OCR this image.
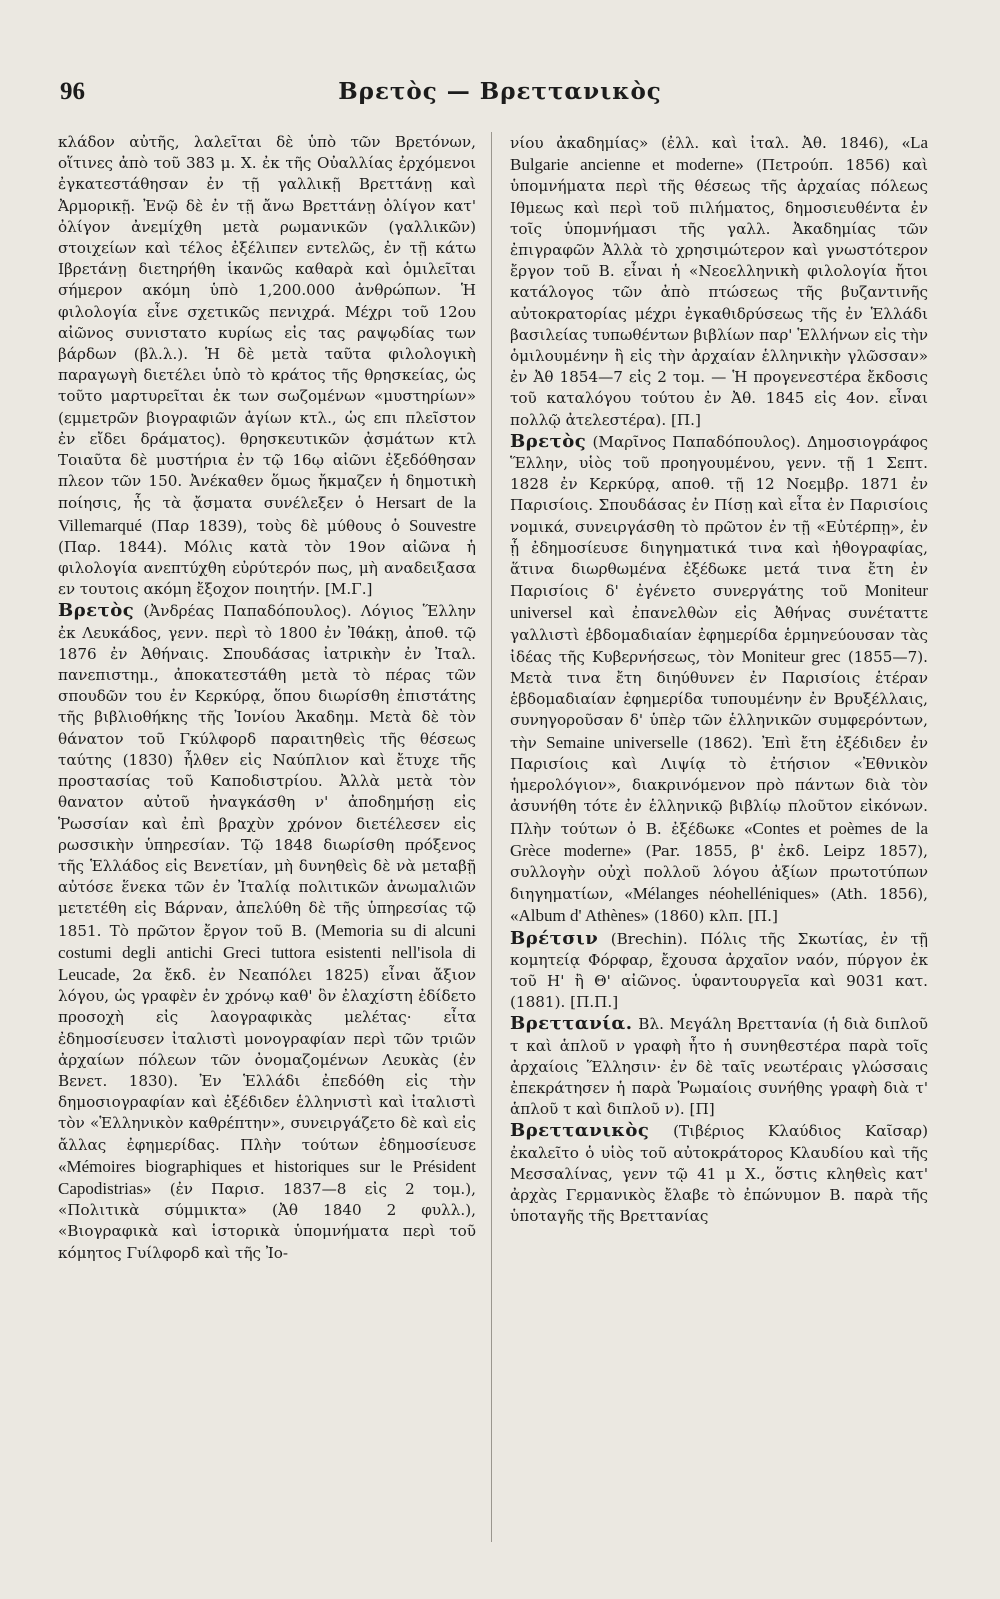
96	Βρετὸς — Βρεττανικὸς

κλάδον αὐτῆς, λαλεῖται δὲ ὑπὸ τῶν Βρετόνων, οἵτινες ἀπὸ τοῦ 383 μ. Χ. ἐκ τῆς Οὐαλλίας ἐρχόμενοι ἐγκατεστάθησαν ἐν τῇ γαλλικῇ Βρεττάνῃ καὶ Ἀρμορικῇ. Ἐνῷ δὲ ἐν τῇ ἄνω Βρεττάνῃ ὀλίγον κατ' ὀλίγον ἀνεμίχθη μετὰ ρωμανικῶν (γαλλικῶν) στοιχείων καὶ τέλος ἐξέλιπεν εντελῶς, ἐν τῇ κάτω Ιβρετάνῃ διετηρήθη ἱκανῶς καθαρὰ καὶ ὁμιλεῖται σήμερον ακόμη ὑπὸ 1,200.000 ἀνθρώπων. Ἡ φιλολογία εἶνε σχετικῶς πενιχρά. Μέχρι τοῦ 12ου αἰῶνος συνιστατο κυρίως εἰς τας ραψῳδίας των βάρδων (βλ.λ.). Ἡ δὲ μετὰ ταῦτα φιλολογικὴ παραγωγὴ διετέλει ὑπὸ τὸ κράτος τῆς θρησκείας, ὡς τοῦτο μαρτυρεῖται ἐκ των σωζομένων «μυστηρίων» (εμμετρῶν βιογραφιῶν ἁγίων κτλ., ὡς επι πλεῖστον ἐν εἴδει δράματος). θρησκευτικῶν ᾀσμάτων κτλ Τοιαῦτα δὲ μυστήρια ἐν τῷ 16ῳ αἰῶνι ἐξεδόθησαν πλεον τῶν 150. Ἀνέκαθεν ὅμως ἤκμαζεν ἡ δημοτικὴ ποίησις, ἧς τὰ ᾄσματα συνέλεξεν ὁ Hersart de la Villemarqué (Παρ 1839), τοὺς δὲ μύθους ὁ Souvestre (Παρ. 1844). Μόλις κατὰ τὸν 19ον αἰῶνα ἡ φιλολογία ανεπτύχθη εὐρύτερόν πως, μὴ αναδειξασα εν τουτοις ακόμη ἔξοχον ποιητήν. [Μ.Γ.]

Βρετὸς (Ἀνδρέας Παπαδόπουλος). Λόγιος Ἕλλην ἐκ Λευκάδος, γενν. περὶ τὸ 1800 ἐν Ἰθάκῃ, ἀποθ. τῷ 1876 ἐν Ἀθήναις. Σπουδάσας ἰατρικὴν ἐν Ἰταλ. πανεπιστημ., ἀποκατεστάθη μετὰ τὸ πέρας τῶν σπουδῶν του ἐν Κερκύρᾳ, ὅπου διωρίσθη ἐπιστάτης τῆς βιβλιοθήκης τῆς Ἰονίου Ἀκαδημ. Μετὰ δὲ τὸν θάνατον τοῦ Γκύλφορδ παραιτηθεὶς τῆς θέσεως ταύτης (1830) ἦλθεν εἰς Ναύπλιον καὶ ἔτυχε τῆς προστασίας τοῦ Καποδιστρίου. Ἀλλὰ μετὰ τὸν θανατον αὐτοῦ ἠναγκάσθη ν' ἀποδημήσῃ εἰς Ῥωσσίαν καὶ ἐπὶ βραχὺν χρόνον διετέλεσεν εἰς ρωσσικὴν ὑπηρεσίαν. Τῷ 1848 διωρίσθη πρόξενος τῆς Ἑλλάδος εἰς Βενετίαν, μὴ δυνηθεὶς δὲ νὰ μεταβῇ αὐτόσε ἕνεκα τῶν ἐν Ἰταλίᾳ πολιτικῶν ἀνωμαλιῶν μετετέθη εἰς Βάρναν, ἀπελύθη δὲ τῆς ὑπηρεσίας τῷ 1851. Τὸ πρῶτον ἔργον τοῦ Β. (Memoria su di alcuni costumi degli antichi Greci tuttora esistenti nell'isola di Leucade, 2α ἔκδ. ἐν Νεαπόλει 1825) εἶναι ἄξιον λόγου, ὡς γραφὲν ἐν χρόνῳ καθ' ὃν ἐλαχίστη ἐδίδετο προσοχὴ εἰς λαογραφικὰς μελέτας· εἶτα ἐδημοσίευσεν ἰταλιστὶ μονογραφίαν περὶ τῶν τριῶν ἀρχαίων πόλεων τῶν ὀνομαζομένων Λευκὰς (ἐν Βενετ. 1830). Ἐν Ἑλλάδι ἐπεδόθη εἰς τὴν δημοσιογραφίαν καὶ ἐξέδιδεν ἑλληνιστὶ καὶ ἰταλιστὶ τὸν «Ἑλληνικὸν καθρέπτην», συνειργάζετο δὲ καὶ εἰς ἄλλας ἐφημερίδας. Πλὴν τούτων ἐδημοσίευσε «Mémoires biographiques et historiques sur le Président Capodistrias» (ἐν Παρισ. 1837—8 εἰς 2 τομ.), «Πολιτικὰ σύμμικτα» (Ἀθ 1840 2 φυλλ.), «Βιογραφικὰ καὶ ἱστορικὰ ὑπομνήματα περὶ τοῦ κόμητος Γυίλφορδ καὶ τῆς Ἰο-

νίου ἀκαδημίας» (ἐλλ. καὶ ἰταλ. Ἀθ. 1846), «La Bulgarie ancienne et moderne» (Πετρούπ. 1856) καὶ ὑπομνήματα περὶ τῆς θέσεως τῆς ἀρχαίας πόλεως Ιθμεως καὶ περὶ τοῦ πιλήματος, δημοσιευθέντα ἐν τοῖς ὑπομνήμασι τῆς γαλλ. Ἀκαδημίας τῶν ἐπιγραφῶν Ἀλλὰ τὸ χρησιμώτερον καὶ γνωστότερον ἔργον τοῦ Β. εἶναι ἡ «Νεοελληνικὴ φιλολογία ἤτοι κατάλογος τῶν ἀπὸ πτώσεως τῆς βυζαντινῆς αὐτοκρατορίας μέχρι ἐγκαθιδρύσεως τῆς ἐν Ἑλλάδι βασιλείας τυπωθέντων βιβλίων παρ' Ἑλλήνων εἰς τὴν ὁμιλουμένην ἢ εἰς τὴν ἀρχαίαν ἑλληνικὴν γλῶσσαν» ἐν Ἀθ 1854—7 εἰς 2 τομ. — Ἡ προγενεστέρα ἔκδοσις τοῦ καταλόγου τούτου ἐν Ἀθ. 1845 εἰς 4ον. εἶναι πολλῷ ἀτελεστέρα). [Π.]

Βρετὸς (Μαρῖνος Παπαδόπουλος). Δημοσιογράφος Ἕλλην, υἱὸς τοῦ προηγουμένου, γενν. τῇ 1 Σεπτ. 1828 ἐν Κερκύρᾳ, αποθ. τῇ 12 Νοεμβρ. 1871 ἐν Παρισίοις. Σπουδάσας ἐν Πίσῃ καὶ εἶτα ἐν Παρισίοις νομικά, συνειργάσθη τὸ πρῶτον ἐν τῇ «Εὐτέρπῃ», ἐν ᾗ ἐδημοσίευσε διηγηματικά τινα καὶ ἠθογραφίας, ἅτινα διωρθωμένα ἐξέδωκε μετά τινα ἔτη ἐν Παρισίοις δ' ἐγένετο συνεργάτης τοῦ Moniteur universel καὶ ἐπανελθὼν εἰς Ἀθήνας συνέταττε γαλλιστὶ ἑβδομαδιαίαν ἐφημερίδα ἑρμηνεύουσαν τὰς ἰδέας τῆς Κυβερνήσεως, τὸν Moniteur grec (1855—7). Μετὰ τινα ἔτη διηύθυνεν ἐν Παρισίοις ἑτέραν ἑβδομαδιαίαν ἐφημερίδα τυπουμένην ἐν Βρυξέλλαις, συνηγοροῦσαν δ' ὑπὲρ τῶν ἑλληνικῶν συμφερόντων, τὴν Semaine universelle (1862). Ἐπὶ ἔτη ἐξέδιδεν ἐν Παρισίοις καὶ Λιψίᾳ τὸ ἐτήσιον «Ἐθνικὸν ἡμερολόγιον», διακρινόμενον πρὸ πάντων διὰ τὸν ἀσυνήθη τότε ἐν ἑλληνικῷ βιβλίῳ πλοῦτον εἰκόνων. Πλὴν τούτων ὁ Β. ἐξέδωκε «Contes et poèmes de la Grèce moderne» (Par. 1855, β' ἐκδ. Leipz 1857), συλλογὴν οὐχὶ πολλοῦ λόγου ἀξίων πρωτοτύπων διηγηματίων, «Mélanges néohelléniques» (Ath. 1856), «Album d' Athènes» (1860) κλπ. [Π.]

Βρέτσιν (Brechin). Πόλις τῆς Σκωτίας, ἐν τῇ κομητείᾳ Φόρφαρ, ἔχουσα ἀρχαῖον ναόν, πύργον ἐκ τοῦ Η' ἢ Θ' αἰῶνος. ὑφαντουργεῖα καὶ 9031 κατ. (1881). [Π.Π.]

Βρεττανία. Βλ. Μεγάλη Βρεττανία (ἡ διὰ διπλοῦ τ καὶ ἁπλοῦ ν γραφὴ ἦτο ἡ συνηθεστέρα παρὰ τοῖς ἀρχαίοις Ἕλλησιν· ἐν δὲ ταῖς νεωτέραις γλώσσαις ἐπεκράτησεν ἡ παρὰ Ῥωμαίοις συνήθης γραφὴ διὰ τ' ἁπλοῦ τ καὶ διπλοῦ ν). [Π]

Βρεττανικὸς (Τιβέριος Κλαύδιος Καῖσαρ) ἐκαλεῖτο ὁ υἱὸς τοῦ αὐτοκράτορος Κλαυδίου καὶ τῆς Μεσσαλίνας, γενν τῷ 41 μ Χ., ὅστις κληθεὶς κατ' ἀρχὰς Γερμανικὸς ἔλαβε τὸ ἐπώνυμον Β. παρὰ τῆς ὑποταγῆς τῆς Βρεττανίας
